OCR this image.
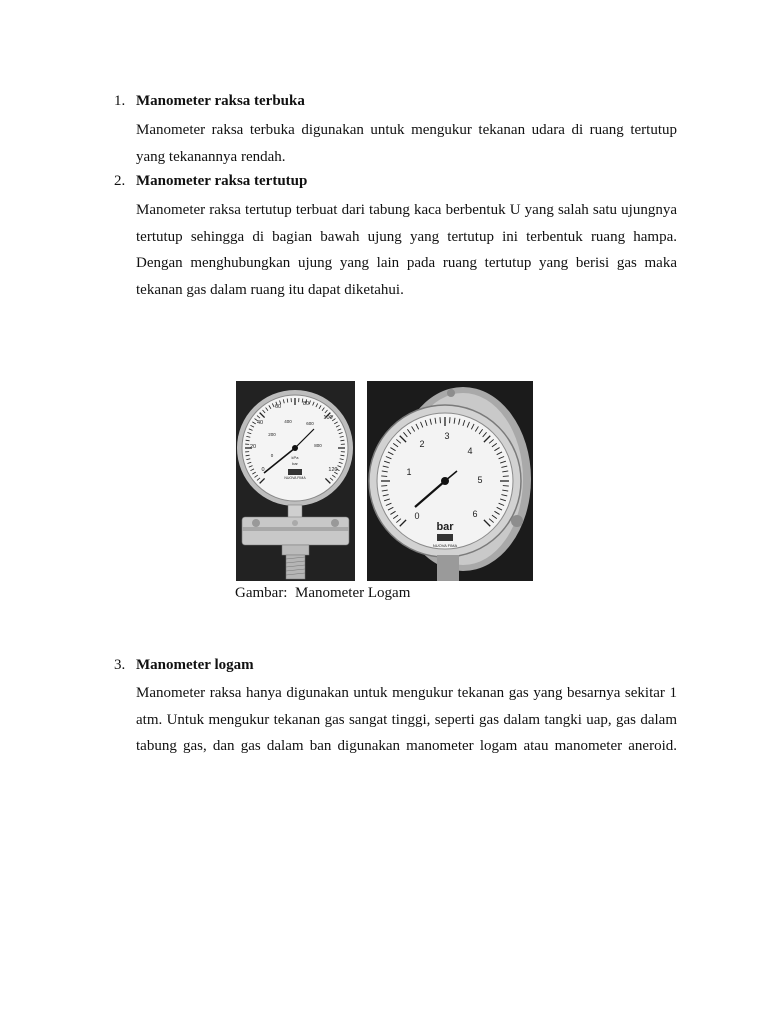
1. Manometer raksa terbuka

Manometer raksa terbuka digunakan untuk mengukur tekanan udara di ruang tertutup yang tekanannya rendah.

2. Manometer raksa tertutup

Manometer raksa tertutup terbuat dari tabung kaca berbentuk U yang salah satu ujungnya tertutup sehingga di bagian bawah ujung yang tertutup ini terbentuk ruang hampa. Dengan menghubungkan ujung yang lain pada ruang tertutup yang berisi gas maka tekanan gas dalam ruang itu dapat diketahui.

0
20
40
60	80
100
120
0
200
400	600
800
kPa
bar
NUOVA FIMA
0
1
2
3
4
5
6
bar
NUOVA FIMA
Gambar:  Manometer Logam
3. Manometer logam

Manometer raksa hanya digunakan untuk mengukur tekanan gas yang besarnya sekitar 1 atm. Untuk mengukur tekanan gas sangat tinggi, seperti gas dalam tangki uap, gas dalam tabung gas, dan gas dalam ban digunakan manometer logam atau manometer aneroid.
